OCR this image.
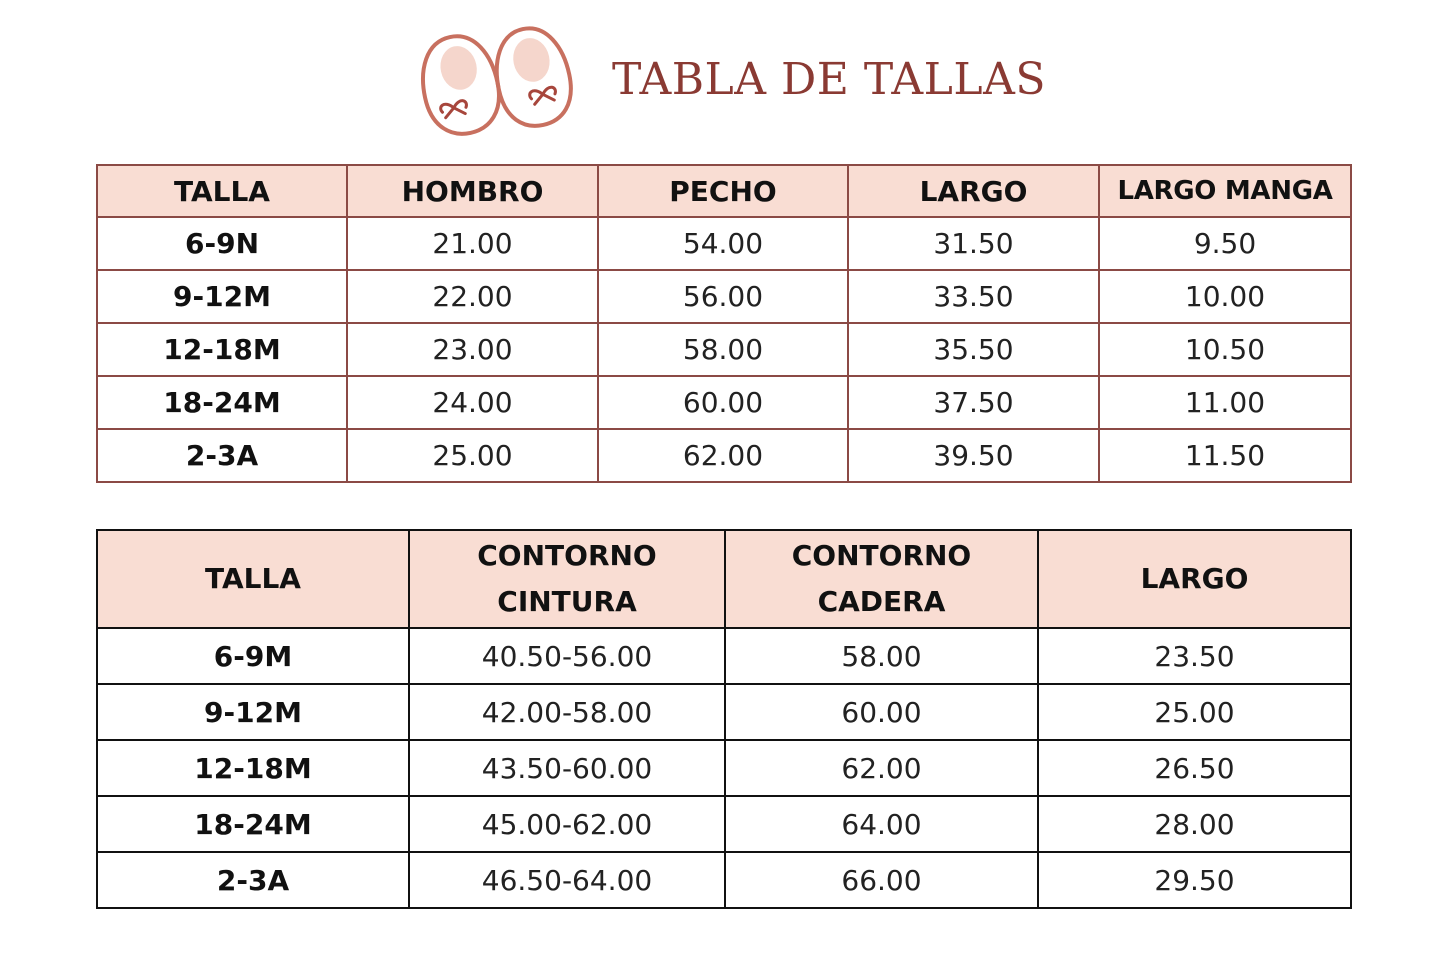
TABLA DE TALLAS
TALLA	HOMBRO	PECHO	LARGO	LARGO MANGA
6-9N	21.00	54.00	31.50	9.50
9-12M	22.00	56.00	33.50	10.00
12-18M	23.00	58.00	35.50	10.50
18-24M	24.00	60.00	37.50	11.00
2-3A	25.00	62.00	39.50	11.50
TALLA	CONTORNO CINTURA	CONTORNO CADERA	LARGO
6-9M	40.50-56.00	58.00	23.50
9-12M	42.00-58.00	60.00	25.00
12-18M	43.50-60.00	62.00	26.50
18-24M	45.00-62.00	64.00	28.00
2-3A	46.50-64.00	66.00	29.50
